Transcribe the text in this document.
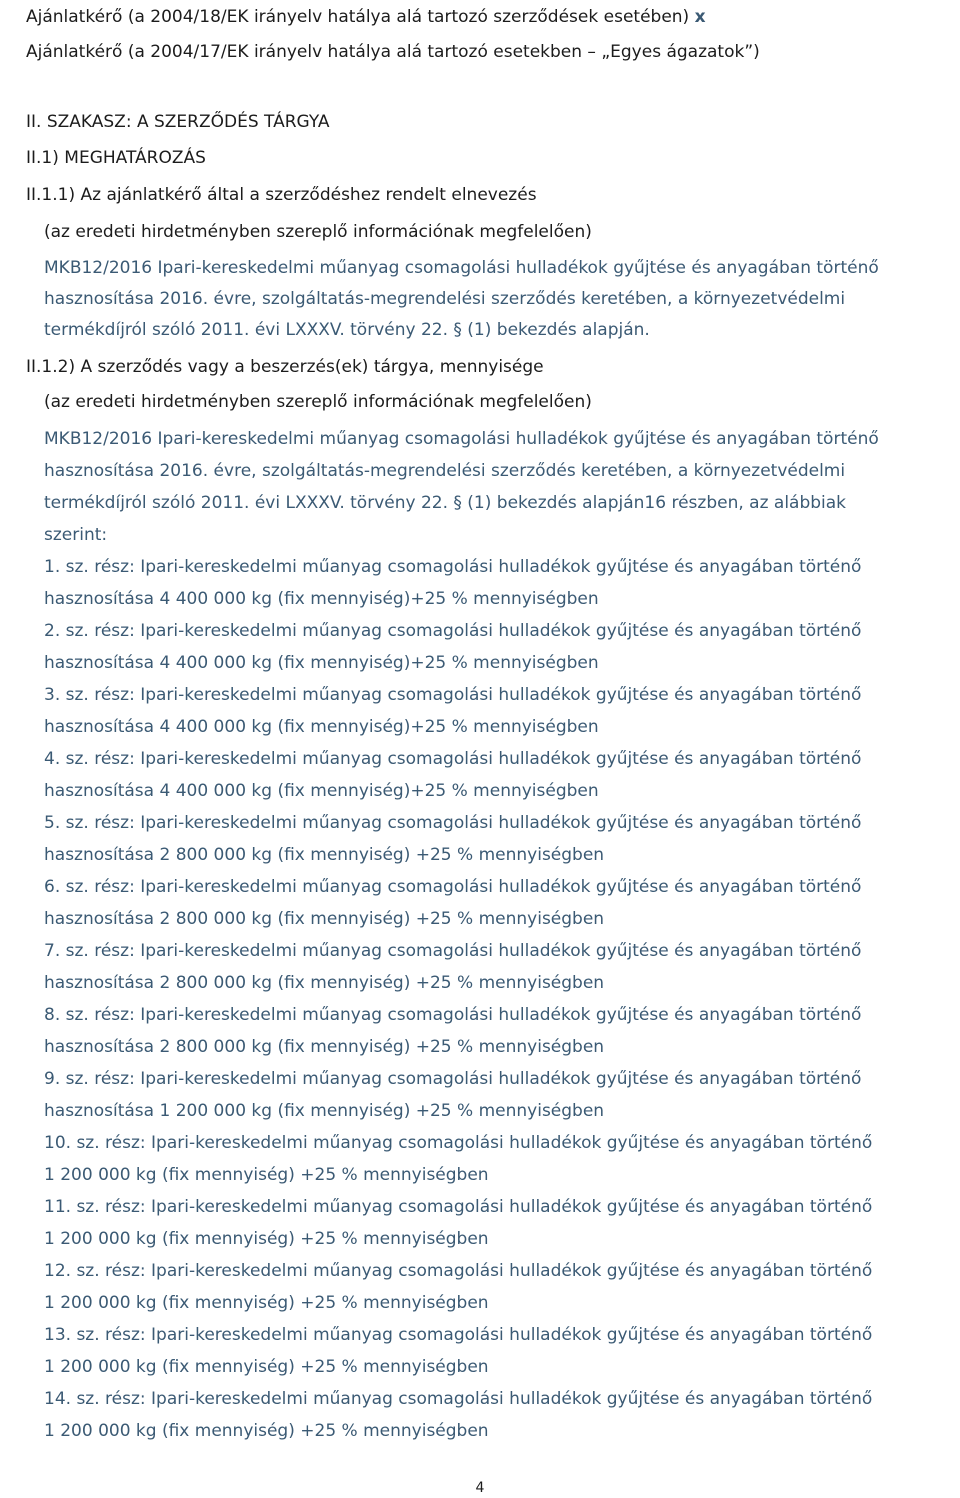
Ajánlatkérő (a 2004/18/EK irányelv hatálya alá tartozó szerződések esetében) x
Ajánlatkérő (a 2004/17/EK irányelv hatálya alá tartozó esetekben – „Egyes ágazatok”)
II. SZAKASZ: A SZERZŐDÉS TÁRGYA
II.1) MEGHATÁROZÁS
II.1.1) Az ajánlatkérő által a szerződéshez rendelt elnevezés
(az eredeti hirdetményben szereplő információnak megfelelően)
MKB12/2016 Ipari-kereskedelmi műanyag csomagolási hulladékok gyűjtése és anyagában történő
hasznosítása 2016. évre, szolgáltatás-megrendelési szerződés keretében, a környezetvédelmi
termékdíjról szóló 2011. évi LXXXV. törvény 22. § (1) bekezdés alapján.
II.1.2) A szerződés vagy a beszerzés(ek) tárgya, mennyisége
(az eredeti hirdetményben szereplő információnak megfelelően)
MKB12/2016 Ipari-kereskedelmi műanyag csomagolási hulladékok gyűjtése és anyagában történő
hasznosítása 2016. évre, szolgáltatás-megrendelési szerződés keretében, a környezetvédelmi
termékdíjról szóló 2011. évi LXXXV. törvény 22. § (1) bekezdés alapján16 részben, az alábbiak
szerint:
1. sz. rész: Ipari-kereskedelmi műanyag csomagolási hulladékok gyűjtése és anyagában történő
hasznosítása 4 400 000 kg (fix mennyiség)+25 % mennyiségben
2. sz. rész: Ipari-kereskedelmi műanyag csomagolási hulladékok gyűjtése és anyagában történő
hasznosítása 4 400 000 kg (fix mennyiség)+25 % mennyiségben
3. sz. rész: Ipari-kereskedelmi műanyag csomagolási hulladékok gyűjtése és anyagában történő
hasznosítása 4 400 000 kg (fix mennyiség)+25 % mennyiségben
4. sz. rész: Ipari-kereskedelmi műanyag csomagolási hulladékok gyűjtése és anyagában történő
hasznosítása 4 400 000 kg (fix mennyiség)+25 % mennyiségben
5. sz. rész: Ipari-kereskedelmi műanyag csomagolási hulladékok gyűjtése és anyagában történő
hasznosítása 2 800 000 kg (fix mennyiség) +25 % mennyiségben
6. sz. rész: Ipari-kereskedelmi műanyag csomagolási hulladékok gyűjtése és anyagában történő
hasznosítása 2 800 000 kg (fix mennyiség) +25 % mennyiségben
7. sz. rész: Ipari-kereskedelmi műanyag csomagolási hulladékok gyűjtése és anyagában történő
hasznosítása 2 800 000 kg (fix mennyiség) +25 % mennyiségben
8. sz. rész: Ipari-kereskedelmi műanyag csomagolási hulladékok gyűjtése és anyagában történő
hasznosítása 2 800 000 kg (fix mennyiség) +25 % mennyiségben
9. sz. rész: Ipari-kereskedelmi műanyag csomagolási hulladékok gyűjtése és anyagában történő
hasznosítása 1 200 000 kg (fix mennyiség) +25 % mennyiségben
10. sz. rész: Ipari-kereskedelmi műanyag csomagolási hulladékok gyűjtése és anyagában történő
1 200 000 kg (fix mennyiség) +25 % mennyiségben
11. sz. rész: Ipari-kereskedelmi műanyag csomagolási hulladékok gyűjtése és anyagában történő
1 200 000 kg (fix mennyiség) +25 % mennyiségben
12. sz. rész: Ipari-kereskedelmi műanyag csomagolási hulladékok gyűjtése és anyagában történő
1 200 000 kg (fix mennyiség) +25 % mennyiségben
13. sz. rész: Ipari-kereskedelmi műanyag csomagolási hulladékok gyűjtése és anyagában történő
1 200 000 kg (fix mennyiség) +25 % mennyiségben
14. sz. rész: Ipari-kereskedelmi műanyag csomagolási hulladékok gyűjtése és anyagában történő
1 200 000 kg (fix mennyiség) +25 % mennyiségben
4
